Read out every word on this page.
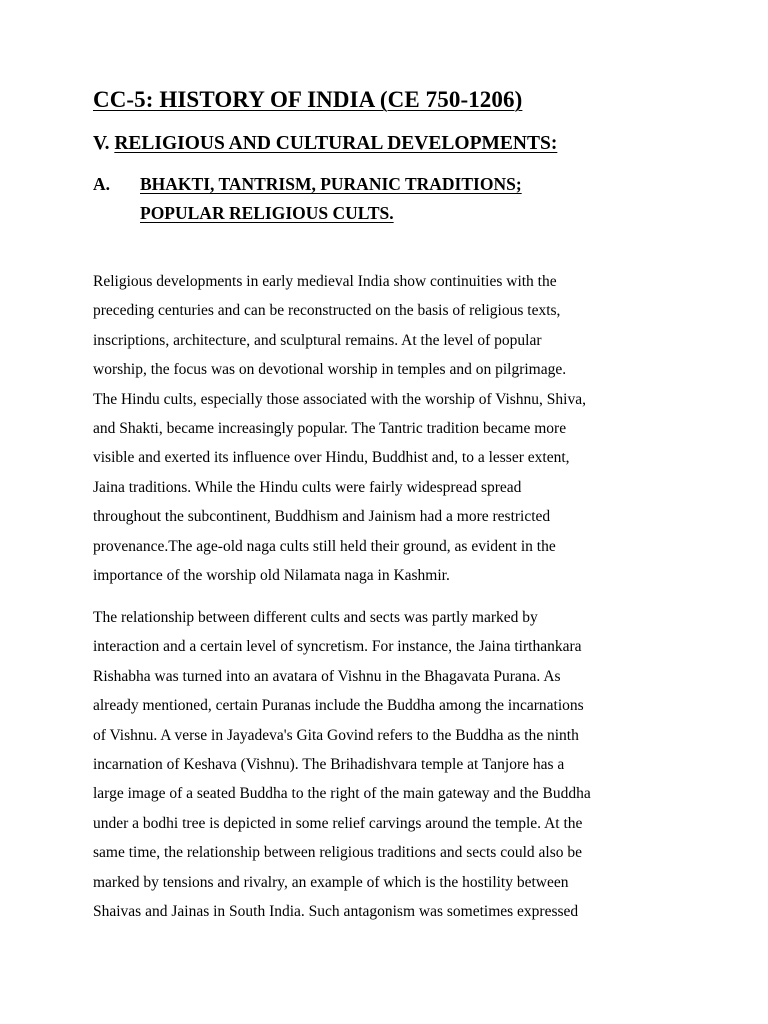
CC-5: HISTORY OF INDIA (CE 750-1206)
V. RELIGIOUS AND CULTURAL DEVELOPMENTS:
A. BHAKTI, TANTRISM, PURANIC TRADITIONS;
POPULAR RELIGIOUS CULTS.

Religious developments in early medieval India show continuities with the
preceding centuries and can be reconstructed on the basis of religious texts,
inscriptions, architecture, and sculptural remains. At the level of popular
worship, the focus was on devotional worship in temples and on pilgrimage.
The Hindu cults, especially those associated with the worship of Vishnu, Shiva,
and Shakti, became increasingly popular. The Tantric tradition became more
visible and exerted its influence over Hindu, Buddhist and, to a lesser extent,
Jaina traditions. While the Hindu cults were fairly widespread spread
throughout the subcontinent, Buddhism and Jainism had a more restricted
provenance.The age-old naga cults still held their ground, as evident in the
importance of the worship old Nilamata naga in Kashmir.

The relationship between different cults and sects was partly marked by
interaction and a certain level of syncretism. For instance, the Jaina tirthankara
Rishabha was turned into an avatara of Vishnu in the Bhagavata Purana. As
already mentioned, certain Puranas include the Buddha among the incarnations
of Vishnu. A verse in Jayadeva's Gita Govind refers to the Buddha as the ninth
incarnation of Keshava (Vishnu). The Brihadishvara temple at Tanjore has a
large image of a seated Buddha to the right of the main gateway and the Buddha
under a bodhi tree is depicted in some relief carvings around the temple. At the
same time, the relationship between religious traditions and sects could also be
marked by tensions and rivalry, an example of which is the hostility between
Shaivas and Jainas in South India. Such antagonism was sometimes expressed
